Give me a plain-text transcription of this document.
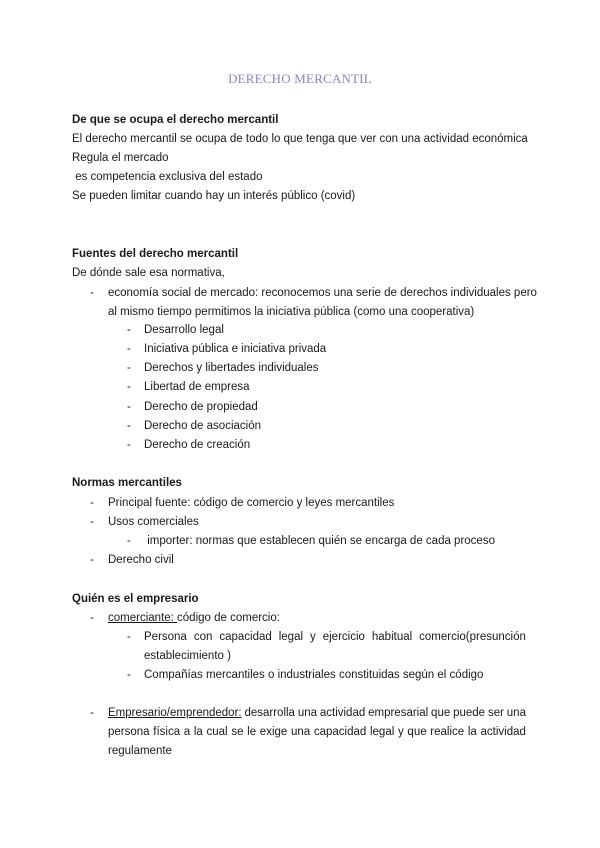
DERECHO MERCANTIL
De que se ocupa el derecho mercantil
El derecho mercantil se ocupa de todo lo que tenga que ver con una actividad económica
Regula el mercado
es competencia exclusiva del estado
Se pueden limitar cuando hay un interés público (covid)
Fuentes del derecho mercantil
De dónde sale esa normativa,
- economía social de mercado: reconocemos una serie de derechos individuales pero
al mismo tiempo permitimos la iniciativa pública (como una cooperativa)
- Desarrollo legal
- Iniciativa pública e iniciativa privada
- Derechos y libertades individuales
- Libertad de empresa
- Derecho de propiedad
- Derecho de asociación
- Derecho de creación
Normas mercantiles
- Principal fuente: código de comercio y leyes mercantiles
- Usos comerciales
- importer: normas que establecen quién se encarga de cada proceso
- Derecho civil
Quién es el empresario
- comerciante: código de comercio:
- Persona con capacidad legal y ejercicio habitual comercio(presunción
establecimiento )
- Compañías mercantiles o industriales constituidas según el código
- Empresario/emprendedor: desarrolla una actividad empresarial que puede ser una
persona física a la cual se le exige una capacidad legal y que realice la actividad
regulamente
